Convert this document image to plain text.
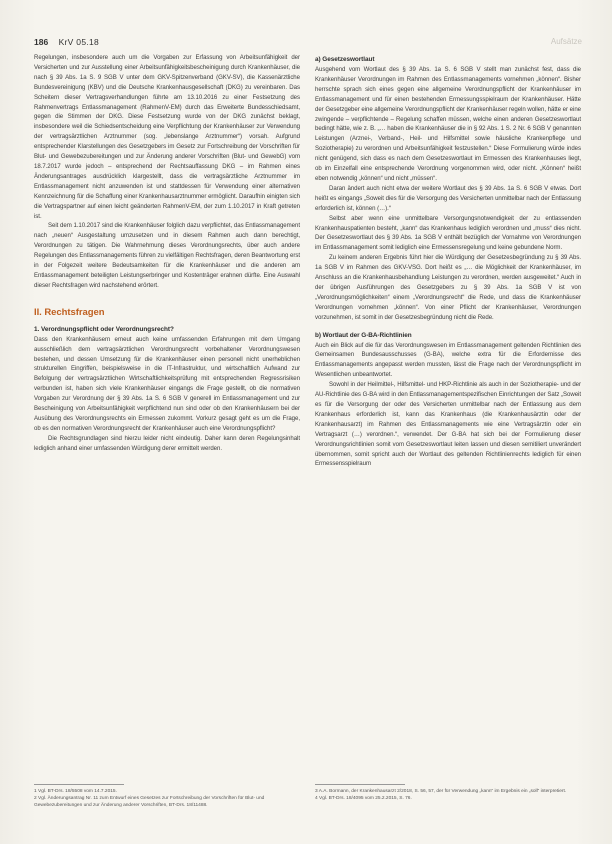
186 KrV 05.18	Aufsätze

Regelungen, insbesondere auch um die Vorgaben zur Erfassung von Arbeitsunfähigkeit der Versicherten und zur Ausstellung einer Arbeitsunfähigkeitsbescheinigung durch Krankenhäuser, die nach § 39 Abs. 1a S. 9 SGB V unter dem GKV-Spitzenverband (GKV-SV), die Kassenärztliche Bundesvereinigung (KBV) und die Deutsche Krankenhausgesellschaft (DKG) zu vereinbaren. Das Scheitern dieser Vertragsverhandlungen führte am 13.10.2016 zu einer Festsetzung des Rahmenvertrags Entlassmanagement (RahmenV-EM) durch das Erweiterte Bundesschiedsamt, gegen die Stimmen der DKG. Diese Festsetzung wurde von der DKG zunächst beklagt, insbesondere weil die Schiedsentscheidung eine Verpflichtung der Krankenhäuser zur Verwendung der vertragsärztlichen Arztnummer (sog. „lebenslange Arztnummer“) vorsah. Aufgrund entsprechender Klarstellungen des Gesetzgebers im Gesetz zur Fortschreibung der Vorschriften für Blut- und Gewebezubereitungen und zur Änderung anderer Vorschriften (Blut- und GewebG) vom 18.7.2017 wurde jedoch – entsprechend der Rechtsauffassung DKG – im Rahmen eines Änderungsantrages ausdrücklich klargestellt, dass die vertragsärztliche Arztnummer im Entlassmanagement nicht anzuwenden ist und stattdessen für Verwendung einer alternativen Kennzeichnung für die Schaffung einer Krankenhausarztnummer ermöglicht. Daraufhin einigten sich die Vertragspartner auf einen leicht geänderten RahmenV-EM, der zum 1.10.2017 in Kraft getreten ist.

Seit dem 1.10.2017 sind die Krankenhäuser folglich dazu verpflichtet, das Entlassmanagement nach „neuen“ Ausgestaltung umzusetzen und in diesem Rahmen auch dann berechtigt, Verordnungen zu tätigen. Die Wahrnehmung dieses Verordnungsrechts, über auch andere Regelungen des Entlassmanagements führen zu vielfältigen Rechtsfragen, deren Beantwortung erst in der Folgezeit weitere Bedeutsamkeiten für die Krankenhäuser und die anderen am Entlassmanagement beteiligten Leistungserbringer und Kostenträger erahnen dürfte. Eine Auswahl dieser Rechtsfragen wird nachstehend erörtert.

II. Rechtsfragen
1. Verordnungspflicht oder Verordnungsrecht?

Dass den Krankenhäusern erneut auch keine umfassenden Erfahrungen mit dem Umgang ausschließlich dem vertragsärztlichen Verordnungsrecht vorbehaltener Verordnungswesen bestehen, und dessen Umsetzung für die Krankenhäuser einen personell nicht unerheblichen strukturellen Eingriffen, beispielsweise in die IT-Infrastruktur, und wirtschaftlich Aufwand zur Befolgung der vertragsärztlichen Wirtschaftlichkeitsprüfung mit entsprechenden Regressrisiken verbunden ist, haben sich viele Krankenhäuser eingangs die Frage gestellt, ob die normativen Vorgaben zur Verordnung der § 39 Abs. 1a S. 6 SGB V generell im Entlassmanagement und zur Bescheinigung von Arbeitsunfähigkeit verpflichtend nun sind oder ob den Krankenhäusern bei der Ausübung des Verordnungsrechts ein Ermessen zukommt. Vorkurz gesagt geht es um die Frage, ob es den normativen Verordnungsrecht der Krankenhäuser auch eine Verordnungspflicht?

Die Rechtsgrundlagen sind hierzu leider nicht eindeutig. Daher kann deren Regelungsinhalt lediglich anhand einer umfassenden Würdigung derer ermittelt werden.

a) Gesetzeswortlaut

Ausgehend vom Wortlaut des § 39 Abs. 1a S. 6 SGB V stellt man zunächst fest, dass die Krankenhäuser Verordnungen im Rahmen des Entlassmanagements vornehmen „können“. Bisher herrschte sprach sich eines gegen eine allgemeine Verordnungspflicht der Krankenhäuser im Entlassmanagement und für einen bestehenden Ermessungsspielraum der Krankenhäuser. Hätte der Gesetzgeber eine allgemeine Verordnungspflicht der Krankenhäuser regeln wollen, hätte er eine zwingende – verpflichtende – Regelung schaffen müssen, welche einen anderen Gesetzeswortlaut bedingt hätte, wie z. B. „… haben die Krankenhäuser die in § 92 Abs. 1 S. 2 Nr. 6 SGB V genannten Leistungen (Arznei-, Verband-, Heil- und Hilfsmittel sowie häusliche Krankenpflege und Soziotherapie) zu verordnen und Arbeitsunfähigkeit festzustellen.“ Diese Formulierung würde indes nicht genügend, sich dass es nach dem Gesetzeswortlaut im Ermessen des Krankenhauses liegt, ob im Einzelfall eine entsprechende Verordnung vorgenommen wird, oder nicht. „Können“ heißt eben notwendig „können“ und nicht „müssen“.

Daran ändert auch nicht etwa der weitere Wortlaut des § 39 Abs. 1a S. 6 SGB V etwas. Dort heißt es eingangs „Soweit dies für die Versorgung des Versicherten unmittelbar nach der Entlassung erforderlich ist, können (…).“

Selbst aber wenn eine unmittelbare Versorgungsnotwendigkeit der zu entlassenden Krankenhauspatienten besteht, „kann“ das Krankenhaus lediglich verordnen und „muss“ dies nicht. Der Gesetzeswortlaut des § 39 Abs. 1a SGB V enthält bezüglich der Vornahme von Verordnungen im Entlassmanagement somit lediglich eine Ermessensregelung und keine gebundene Norm.

Zu keinem anderen Ergebnis führt hier die Würdigung der Gesetzesbegründung zu § 39 Abs. 1a SGB V im Rahmen des GKV-VSG. Dort heißt es „… die Möglichkeit der Krankenhäuser, im Anschluss an die Krankenhausbehandlung Leistungen zu verordnen, werden ausgeweitet.“ Auch in der übrigen Ausführungen des Gesetzgebers zu § 39 Abs. 1a SGB V ist von „Verordnungsmöglichkeiten“ einem „Verordnungsrecht“ die Rede, und dass die Krankenhäuser Verordnungen vornehmen „können“. Von einer Pflicht der Krankenhäuser, Verordnungen vorzunehmen, ist somit in der Gesetzesbegründung nicht die Rede.

b) Wortlaut der G-BA-Richtlinien

Auch ein Blick auf die für das Verordnungswesen im Entlassmanagement geltenden Richtlinien des Gemeinsamen Bundesausschusses (G-BA), welche extra für die Erfordernisse des Entlassmanagements angepasst werden mussten, lässt die Frage nach der Verordnungspflicht im Wesentlichen unbeantwortet.

Sowohl in der Heilmittel-, Hilfsmittel- und HKP-Richtlinie als auch in der Soziotherapie- und der AU-Richtlinie des G-BA wird in den Entlassmanagementspezifischen Einrichtungen der Satz „Soweit es für die Versorgung der oder des Versicherten unmittelbar nach der Entlassung aus dem Krankenhaus erforderlich ist, kann das Krankenhaus (die Krankenhausärztin oder der Krankenhausarzt) im Rahmen des Entlassmanagements wie eine Vertragsärztin oder ein Vertragsarzt (…) verordnen.“, verwendet. Der G-BA hat sich bei der Formulierung dieser Verordnungsrichtlinien somit vom Gesetzeswortlaut leiten lassen und diesen semitiliert unverändert übernommen, somit spricht auch der Wortlaut des geltenden Richtlinienrechts lediglich für einen Ermessensspielraum

1 Vgl. BT-Drs. 18/5508 vom 14.7.2015.

2 Vgl. Änderungsantrag Nr. 11 zum Entwurf eines Gesetzes zur Fortschreibung der Vorschriften für Blut- und Gewebezubereitungen und zur Änderung anderer Vorschriften, BT-Drs. 18/11488.

3 A.A. Bormann, der Krankenhausarzt 2/2018, S. 56, 57, der für Verwendung „kann“ im Ergebnis ein „soll“ interpretiert.

4 Vgl. BT-Drs. 18/4095 vom 25.2.2015, S. 76.
